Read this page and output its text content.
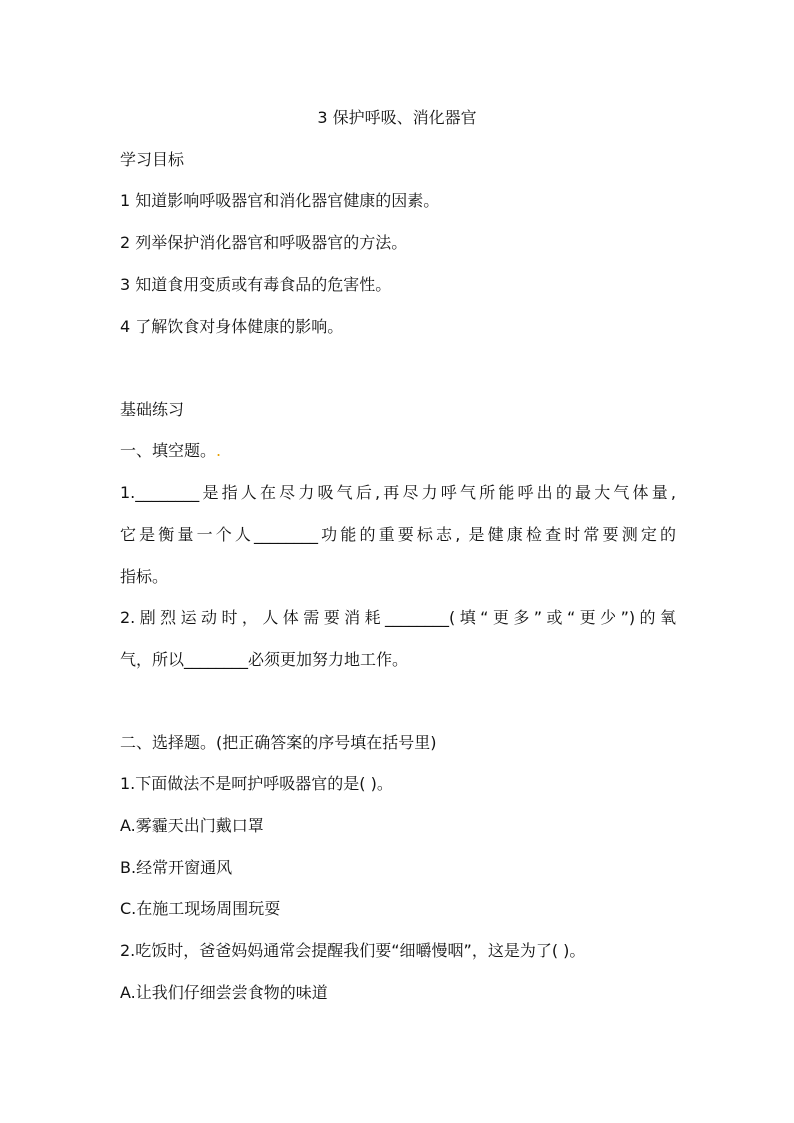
3 保护呼吸、消化器官
学习目标
1 知道影响呼吸器官和消化器官健康的因素。
2 列举保护消化器官和呼吸器官的方法。
3 知道食用变质或有毒食品的危害性。
4 了解饮食对身体健康的影响。
基础练习
一、填空题。.
1.________是指人在尽力吸气后,再尽力呼气所能呼出的最大气体量,
它是衡量一个人________功能的重要标志, 是健康检查时常要测定的
指标。
2.剧烈运动时，人体需要消耗________(填“更多”或“更少”)的氧
气，所以________必须更加努力地工作。
二、选择题。(把正确答案的序号填在括号里)
1.下面做法不是呵护呼吸器官的是( )。
A.雾霾天出门戴口罩
B.经常开窗通风
C.在施工现场周围玩耍
2.吃饭时，爸爸妈妈通常会提醒我们要“细嚼慢咽”，这是为了( )。
A.让我们仔细尝尝食物的味道
